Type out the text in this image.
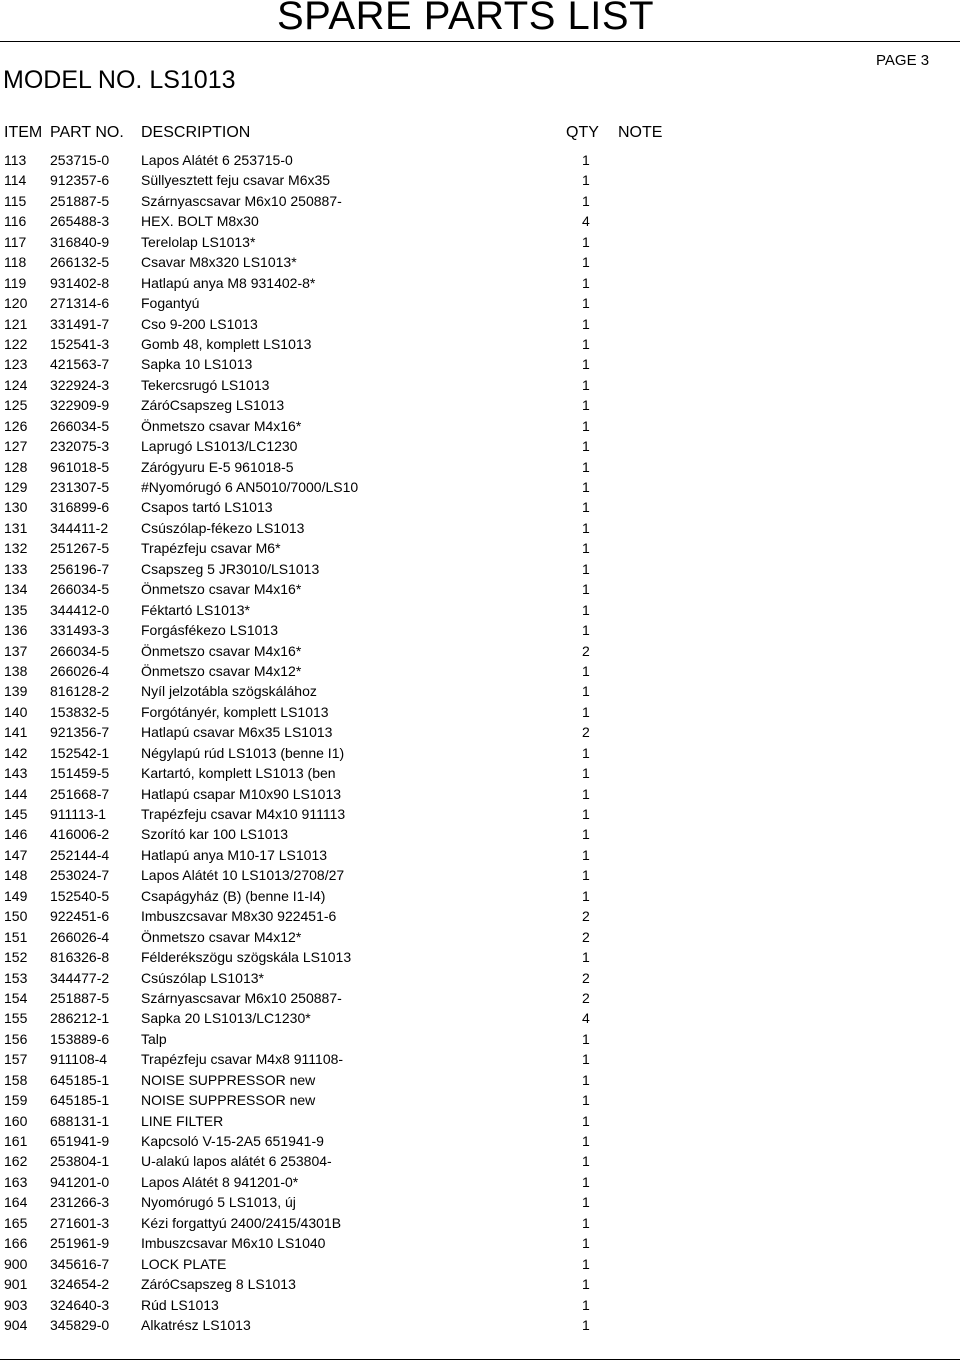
SPARE PARTS LIST
MODEL NO. LS1013
PAGE 3
ITEM PART NO. DESCRIPTION	QTY NOTE
113 253715-0 Lapos Alátét 6 253715-0	1
114 912357-6 Süllyesztett feju csavar M6x35	1
115 251887-5 Szárnyascsavar M6x10 250887-	1
116 265488-3 HEX. BOLT M8x30	4
117 316840-9 Terelolap LS1013*	1
118 266132-5 Csavar M8x320 LS1013*	1
119 931402-8 Hatlapú anya M8 931402-8*	1
120 271314-6 Fogantyú	1
121 331491-7 Cso 9-200 LS1013	1
122 152541-3 Gomb 48, komplett LS1013	1
123 421563-7 Sapka 10 LS1013	1
124 322924-3 Tekercsrugó LS1013	1
125 322909-9 ZáróCsapszeg LS1013	1
126 266034-5 Önmetszo csavar M4x16*	1
127 232075-3 Laprugó LS1013/LC1230	1
128 961018-5 Zárógyuru E-5 961018-5	1
129 231307-5 #Nyomórugó 6 AN5010/7000/LS10	1
130 316899-6 Csapos tartó LS1013	1
131 344411-2 Csúszólap-fékezo LS1013	1
132 251267-5 Trapézfeju csavar M6*	1
133 256196-7 Csapszeg 5 JR3010/LS1013	1
134 266034-5 Önmetszo csavar M4x16*	1
135 344412-0 Féktartó LS1013*	1
136 331493-3 Forgásfékezo LS1013	1
137 266034-5 Önmetszo csavar M4x16*	2
138 266026-4 Önmetszo csavar M4x12*	1
139 816128-2 Nyíl jelzotábla szögskálához	1
140 153832-5 Forgótányér, komplett LS1013	1
141 921356-7 Hatlapú csavar M6x35 LS1013	2
142 152542-1 Négylapú rúd LS1013 (benne I1)	1
143 151459-5 Kartartó, komplett LS1013 (ben	1
144 251668-7 Hatlapú csapar M10x90 LS1013	1
145 911113-1 Trapézfeju csavar M4x10 911113	1
146 416006-2 Szorító kar 100 LS1013	1
147 252144-4 Hatlapú anya M10-17 LS1013	1
148 253024-7 Lapos Alátét 10 LS1013/2708/27	1
149 152540-5 Csapágyház (B) (benne I1-I4)	1
150 922451-6 Imbuszcsavar M8x30 922451-6	2
151 266026-4 Önmetszo csavar M4x12*	2
152 816326-8 Félderékszögu szögskála LS1013	1
153 344477-2 Csúszólap LS1013*	2
154 251887-5 Szárnyascsavar M6x10 250887-	2
155 286212-1 Sapka 20 LS1013/LC1230*	4
156 153889-6 Talp	1
157 911108-4 Trapézfeju csavar M4x8 911108-	1
158 645185-1 NOISE SUPPRESSOR new	1
159 645185-1 NOISE SUPPRESSOR new	1
160 688131-1 LINE FILTER	1
161 651941-9 Kapcsoló V-15-2A5 651941-9	1
162 253804-1 U-alakú lapos alátét 6 253804-	1
163 941201-0 Lapos Alátét 8 941201-0*	1
164 231266-3 Nyomórugó 5 LS1013, új	1
165 271601-3 Kézi forgattyú 2400/2415/4301B	1
166 251961-9 Imbuszcsavar M6x10 LS1040	1
900 345616-7 LOCK PLATE	1
901 324654-2 ZáróCsapszeg 8 LS1013	1
903 324640-3 Rúd LS1013	1
904 345829-0 Alkatrész LS1013	1
